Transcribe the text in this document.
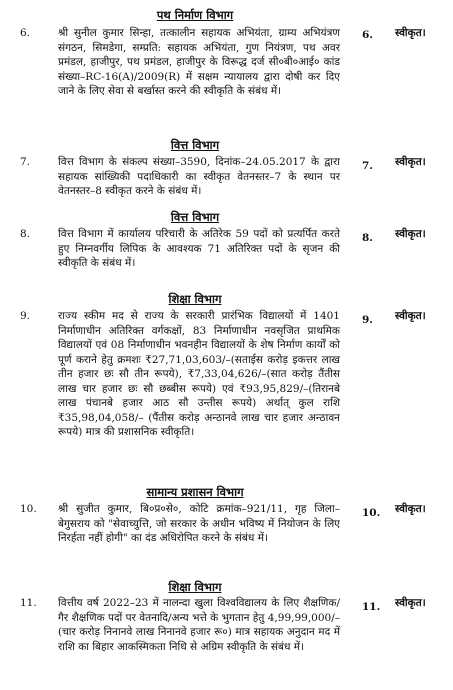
पथ निर्माण विभाग
6.	श्री सुनील कुमार सिन्हा, तत्कालीन सहायक अभियंता, ग्राम्य अभियंत्रण संगठन, सिमडेगा, सम्प्रति: सहायक अभियंता, गुण नियंत्रण, पथ अवर प्रमंडल, हाजीपुर, पथ प्रमंडल, हाजीपुर के विरूद्ध दर्ज सी०बी०आई० कांड संख्या–RC-16(A)/2009(R) में सक्षम न्यायालय द्वारा दोषी कर दिए जाने के लिए सेवा से बर्खास्त करने की स्वीकृति के संबंध में।
6. स्वीकृत।
वित्त विभाग
7.	वित्त विभाग के संकल्प संख्या–3590, दिनांक–24.05.2017 के द्वारा सहायक सांख्यिकी पदाधिकारी का स्वीकृत वेतनस्तर–7 के स्थान पर वेतनस्तर–8 स्वीकृत करने के संबंध में।
7. स्वीकृत।
वित्त विभाग
8.	वित्त विभाग में कार्यालय परिचारी के अतिरेक 59 पदों को प्रत्यर्पित करते हुए निम्नवर्गीय लिपिक के आवश्यक 71 अतिरिक्त पदों के सृजन की स्वीकृति के संबंध में।
8. स्वीकृत।
शिक्षा विभाग
9.	राज्य स्कीम मद से राज्य के सरकारी प्रारंभिक विद्यालयों में 1401 निर्माणाधीन अतिरिक्त वर्गकक्षों, 83 निर्माणाधीन नवसृजित प्राथमिक विद्यालयों एवं 08 निर्माणाधीन भवनहीन विद्यालयों के शेष निर्माण कार्यों को पूर्ण कराने हेतु क्रमशः ₹27,71,03,603/–(सताईस करोड़ इकत्तर लाख तीन हजार छः सौ तीन रूपये), ₹7,33,04,626/–(सात करोड़ तैंतीस लाख चार हजार छः सौ छब्बीस रूपये) एवं ₹93,95,829/–(तिरानबे लाख पंचानबे हजार आठ सौ उन्तीस रूपये) अर्थात् कुल राशि ₹35,98,04,058/– (पैंतीस करोड़ अन्ठानवे लाख चार हजार अन्ठावन रूपये) मात्र की प्रशासनिक स्वीकृति।
9. स्वीकृत।
सामान्य प्रशासन विभाग
10. श्री सुजीत कुमार, बि०प्र०से०, कोटि क्रमांक–921/11, गृह जिला– बेगुसराय को "सेवाच्युत्ति, जो सरकार के अधीन भविष्य में नियोजन के लिए निरर्हता नहीं होगी" का दंड अधिरोपित करने के संबंध में।
10. स्वीकृत।
शिक्षा विभाग
11. वित्तीय वर्ष 2022–23 में नालन्दा खुला विश्वविद्यालय के लिए शैक्षणिक/गैर शैक्षणिक पदों पर वेतनादि/अन्य भत्ते के भुगतान हेतु 4,99,99,000/– (चार करोड़ निनानवे लाख निनानवे हजार रू०) मात्र सहायक अनुदान मद में राशि का बिहार आकस्मिकता निधि से अग्रिम स्वीकृति के संबंध में।
11. स्वीकृत।
